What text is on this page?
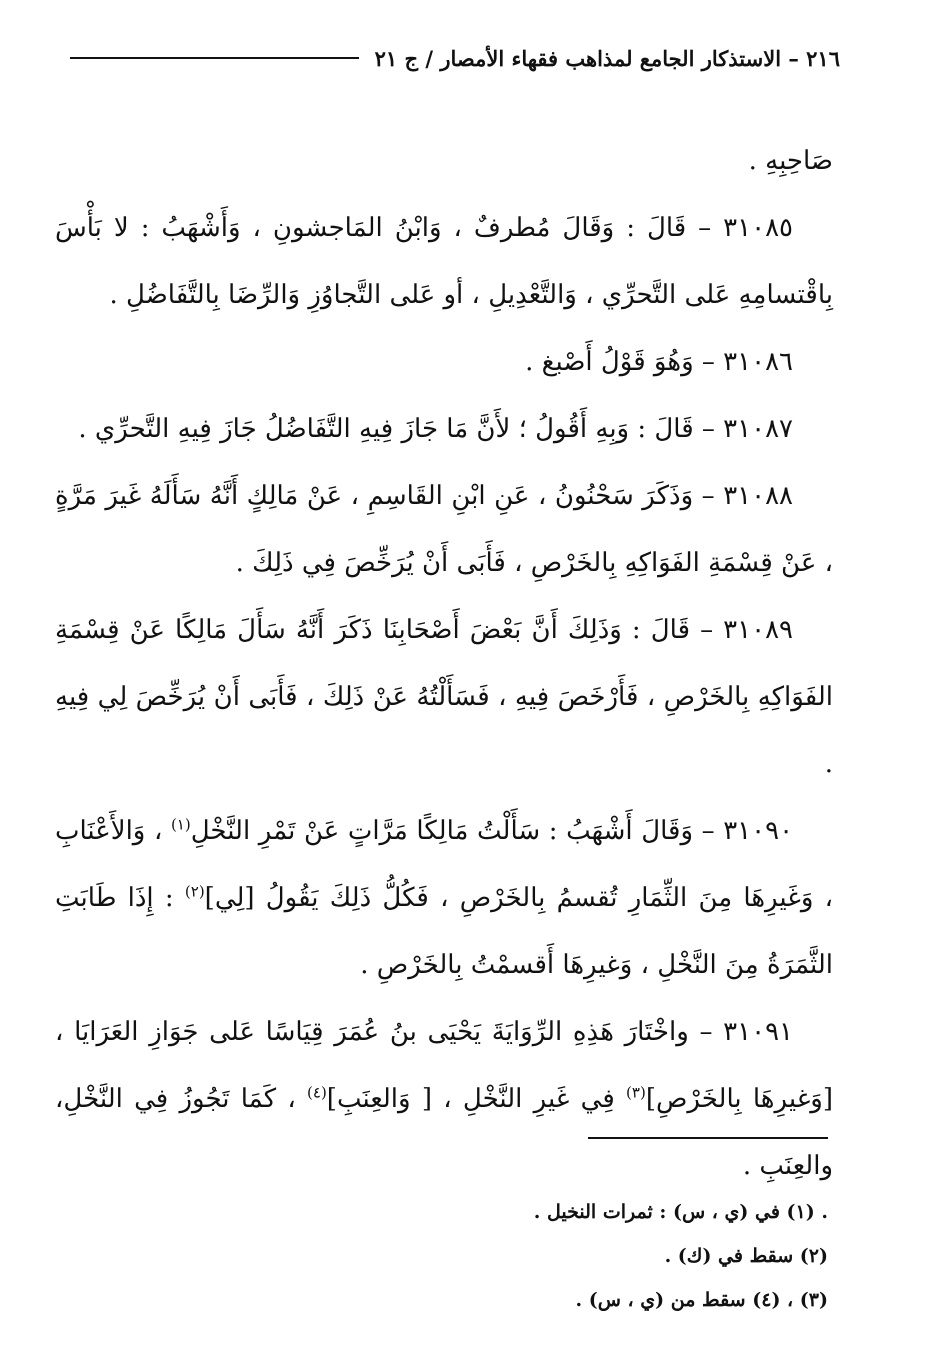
٢١٦ – الاستذكار الجامع لمذاهب فقهاء الأمصار / ج ٢١

صَاحِبِهِ .

٣١٠٨٥ – قَالَ : وَقَالَ مُطرفٌ ، وَابْنُ المَاجشونِ ، وَأَشْهَبُ : لا بَأْسَ بِاقْتسامِهِ عَلى التَّحرِّي ، وَالتَّعْدِيلِ ، أو عَلى التَّجاوُزِ وَالرِّضَا بِالتَّفَاضُلِ .

٣١٠٨٦ – وَهُوَ قَوْلُ أَصْبغ .

٣١٠٨٧ – قَالَ : وَبِهِ أَقُولُ ؛ لأَنَّ مَا جَازَ فِيهِ التَّفَاضُلُ جَازَ فِيهِ التَّحرِّي .

٣١٠٨٨ – وَذَكَرَ سَحْنُونُ ، عَنِ ابْنِ القَاسِمِ ، عَنْ مَالِكٍ أَنَّهُ سَأَلَهُ غَيرَ مَرَّةٍ ، عَنْ قِسْمَةِ الفَوَاكِهِ بِالخَرْصِ ، فَأَبَى أَنْ يُرَخِّصَ فِي ذَلِكَ .

٣١٠٨٩ – قَالَ : وَذَلِكَ أَنَّ بَعْضَ أَصْحَابِنَا ذَكَرَ أَنَّهُ سَأَلَ مَالِكًا عَنْ قِسْمَةِ الفَوَاكِهِ بِالخَرْصِ ، فَأَرْخَصَ فِيهِ ، فَسَأَلْتُهُ عَنْ ذَلِكَ ، فَأَبَى أَنْ يُرَخِّصَ لِي فِيهِ .

٣١٠٩٠ – وَقَالَ أَشْهَبُ : سَأَلْتُ مَالِكًا مَرَّاتٍ عَنْ تَمْرِ النَّخْلِ$^{(١)}$ ، وَالأَعْنَابِ ، وَغَيرِهَا مِنَ الثِّمَارِ تُقسمُ بِالخَرْصِ ، فَكُلُّ ذَلِكَ يَقُولُ [لِي]$^{(٢)}$ : إِذَا طَابَتِ الثَّمَرَةُ مِنَ النَّخْلِ ، وَغيرِهَا أَقسمْتُ بِالخَرْصِ .

٣١٠٩١ – واخْتَارَ هَذِهِ الرِّوَايَةَ يَحْيَى بنُ عُمَرَ قِيَاسًا عَلى جَوَازِ العَرَايَا ، [وَغيرِهَا بِالخَرْصِ]$^{(٣)}$ فِي غَيرِ النَّخْلِ ، [ وَالعِنَبِ]$^{(٤)}$ ، كَمَا تَجُوزُ فِي النَّخْلِ، والعِنَبِ .

. (١) في (ي ، س) : ثمرات النخيل .

(٢) سقط في (ك) .

(٣) ، (٤) سقط من (ي ، س) .
